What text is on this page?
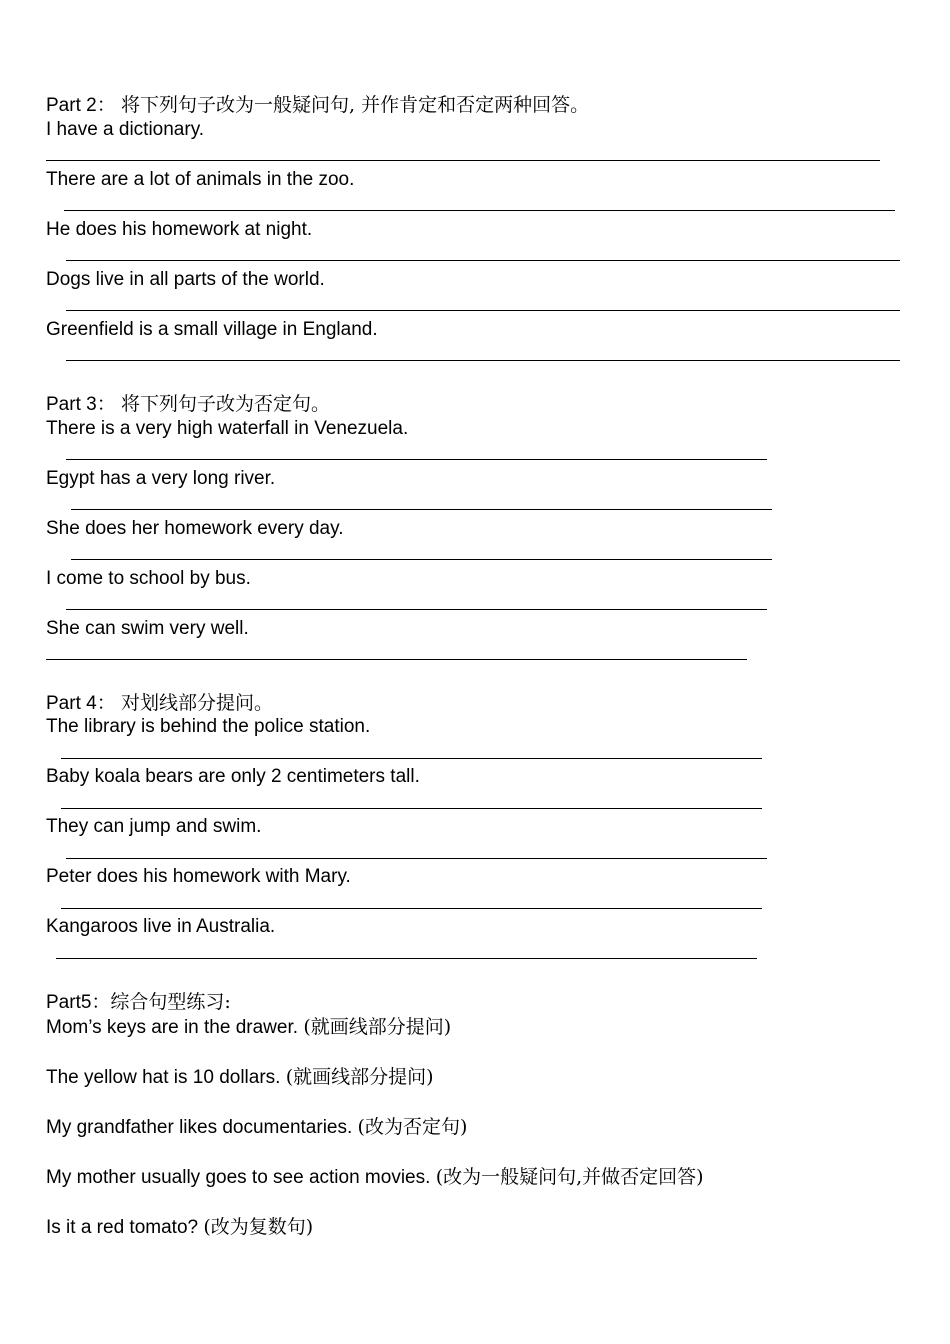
Part 2： 将下列句子改为一般疑问句, 并作肯定和否定两种回答。
I have a dictionary.
There are a lot of animals in the zoo.
He does his homework at night.
Dogs live in all parts of the world.
Greenfield is a small village in England.
Part 3： 将下列句子改为否定句。
There is a very high waterfall in Venezuela.
Egypt has a very long river.
She does her homework every day.
I come to school by bus.
She can swim very well.
Part 4： 对划线部分提问。
The library is behind the police station.
Baby koala bears are only 2 centimeters tall.
They can jump and swim.
Peter does his homework with Mary.
Kangaroos live in Australia.
Part5：综合句型练习:
Mom’s keys are in the drawer. (就画线部分提问)
The yellow hat is 10 dollars. (就画线部分提问)
My grandfather likes documentaries. (改为否定句)
My mother usually goes to see action movies. (改为一般疑问句,并做否定回答)
Is it a red tomato? (改为复数句)
